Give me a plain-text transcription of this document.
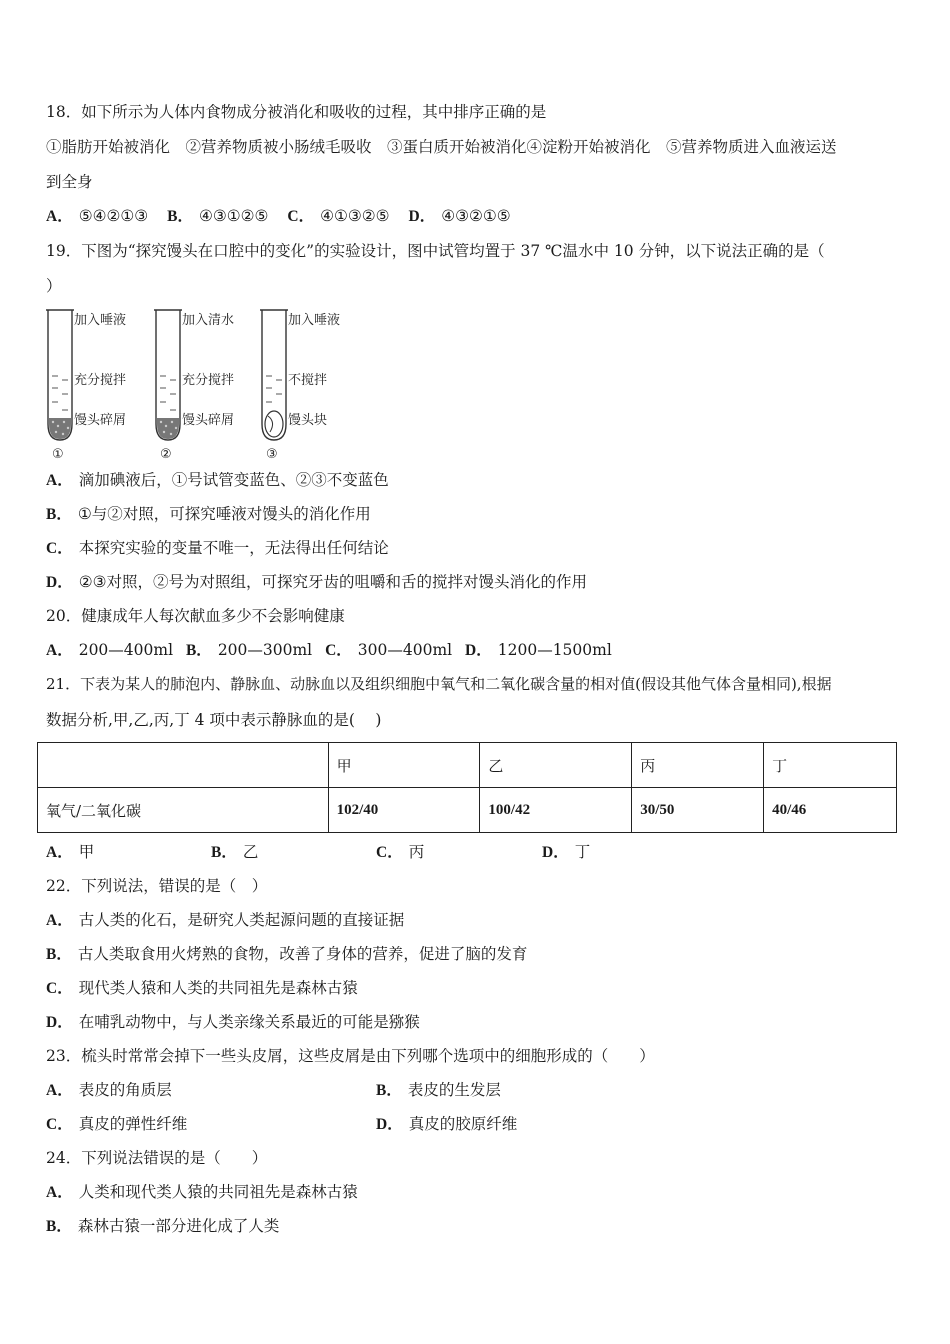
18．如下所示为人体内食物成分被消化和吸收的过程，其中排序正确的是
①脂肪开始被消化　②营养物质被小肠绒毛吸收　③蛋白质开始被消化④淀粉开始被消化　⑤营养物质进入血液运送
到全身
A． ⑤④②①③ B． ④③①②⑤ C． ④①③②⑤ D． ④③②①⑤
19．下图为“探究馒头在口腔中的变化”的实验设计，图中试管均置于 37 ℃温水中 10 分钟，以下说法正确的是（
）
加入唾液
充分搅拌
馒头碎屑
①
加入清水
充分搅拌
馒头碎屑
②
加入唾液
不搅拌
馒头块
③
A． 滴加碘液后，①号试管变蓝色、②③不变蓝色
B． ①与②对照，可探究唾液对馒头的消化作用
C． 本探究实验的变量不唯一，无法得出任何结论
D． ②③对照，②号为对照组，可探究牙齿的咀嚼和舌的搅拌对馒头消化的作用
20．健康成年人每次献血多少不会影响健康
A． 200—400ml B． 200—300ml C． 300—400ml D． 1200—1500ml
21．下表为某人的肺泡内、静脉血、动脉血以及组织细胞中氧气和二氧化碳含量的相对值(假设其他气体含量相同),根据
数据分析,甲,乙,丙,丁 4 项中表示静脉血的是(　 )
	甲	乙	丙	丁
氧气/二氧化碳	102/40	100/42	30/50	40/46
A． 甲	B． 乙	C． 丙	D． 丁
22．下列说法，错误的是（　）
A． 古人类的化石，是研究人类起源问题的直接证据
B． 古人类取食用火烤熟的食物，改善了身体的营养，促进了脑的发育
C． 现代类人猿和人类的共同祖先是森林古猿
D． 在哺乳动物中，与人类亲缘关系最近的可能是猕猴
23．梳头时常常会掉下一些头皮屑，这些皮屑是由下列哪个选项中的细胞形成的（　　）
A． 表皮的角质层	B． 表皮的生发层
C． 真皮的弹性纤维	D． 真皮的胶原纤维
24．下列说法错误的是（　　）
A． 人类和现代类人猿的共同祖先是森林古猿
B． 森林古猿一部分进化成了人类
